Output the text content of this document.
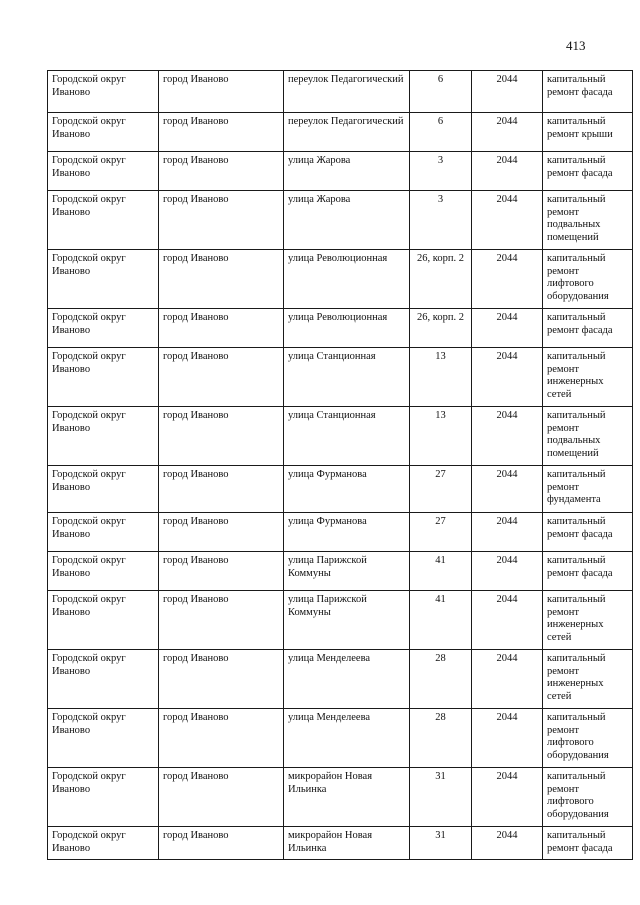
413
Городской округ Иваново	город Иваново	переулок Педагогический	6	2044	капитальный ремонт фасада
Городской округ Иваново	город Иваново	переулок Педагогический	6	2044	капитальный ремонт крыши
Городской округ Иваново	город Иваново	улица Жарова	3	2044	капитальный ремонт фасада
Городской округ Иваново	город Иваново	улица Жарова	3	2044	капитальный ремонт подвальных помещений
Городской округ Иваново	город Иваново	улица Революционная	26, корп. 2	2044	капитальный ремонт лифтового оборудования
Городской округ Иваново	город Иваново	улица Революционная	26, корп. 2	2044	капитальный ремонт фасада
Городской округ Иваново	город Иваново	улица Станционная	13	2044	капитальный ремонт инженерных сетей
Городской округ Иваново	город Иваново	улица Станционная	13	2044	капитальный ремонт подвальных помещений
Городской округ Иваново	город Иваново	улица Фурманова	27	2044	капитальный ремонт фундамента
Городской округ Иваново	город Иваново	улица Фурманова	27	2044	капитальный ремонт фасада
Городской округ Иваново	город Иваново	улица Парижской Коммуны	41	2044	капитальный ремонт фасада
Городской округ Иваново	город Иваново	улица Парижской Коммуны	41	2044	капитальный ремонт инженерных сетей
Городской округ Иваново	город Иваново	улица Менделеева	28	2044	капитальный ремонт инженерных сетей
Городской округ Иваново	город Иваново	улица Менделеева	28	2044	капитальный ремонт лифтового оборудования
Городской округ Иваново	город Иваново	микрорайон Новая Ильинка	31	2044	капитальный ремонт лифтового оборудования
Городской округ Иваново	город Иваново	микрорайон Новая Ильинка	31	2044	капитальный ремонт фасада
